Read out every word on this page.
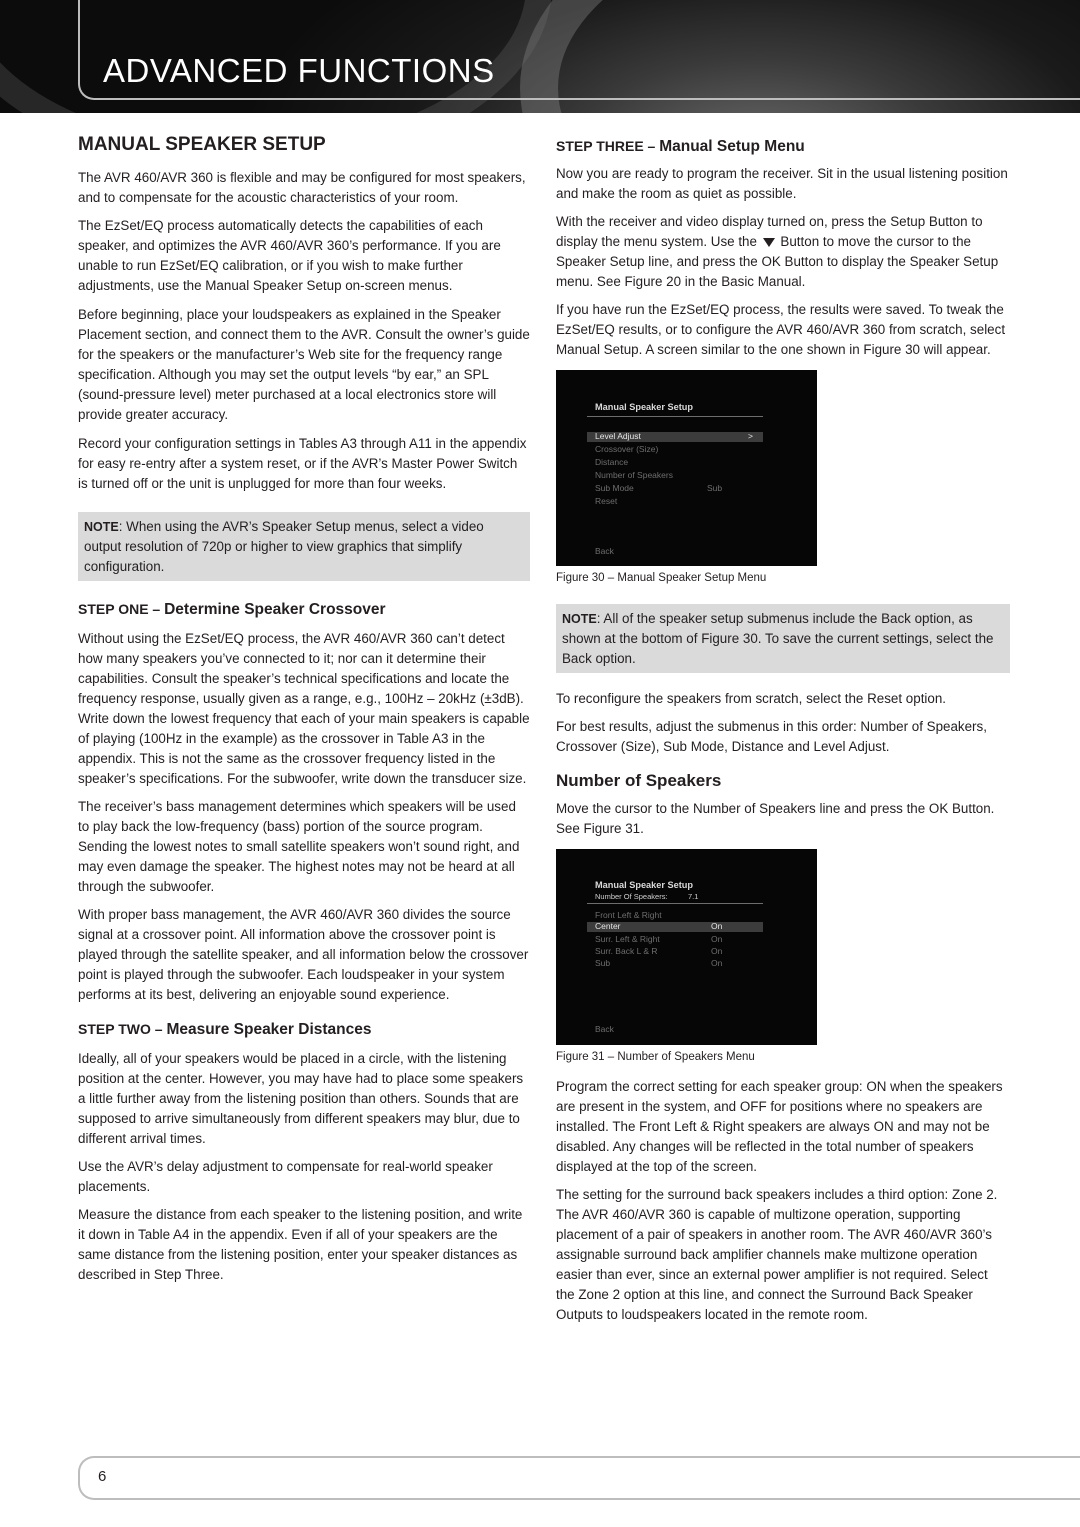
ADVANCED FUNCTIONS
MANUAL SPEAKER SETUP

The AVR 460/AVR 360 is flexible and may be configured for most speakers, and to compensate for the acoustic characteristics of your room.

The EzSet/EQ process automatically detects the capabilities of each speaker, and optimizes the AVR 460/AVR 360’s performance. If you are unable to run EzSet/EQ calibration, or if you wish to make further adjustments, use the Manual Speaker Setup on-screen menus.

Before beginning, place your loudspeakers as explained in the Speaker Placement section, and connect them to the AVR. Consult the owner’s guide for the speakers or the manufacturer’s Web site for the frequency range specification. Although you may set the output levels “by ear,” an SPL (sound-pressure level) meter purchased at a local electronics store will provide greater accuracy.

Record your configuration settings in Tables A3 through A11 in the appendix for easy re-entry after a system reset, or if the AVR’s Master Power Switch is turned off or the unit is unplugged for more than four weeks.

NOTE: When using the AVR’s Speaker Setup menus, select a video output resolution of 720p or higher to view graphics that simplify configuration.
STEP ONE – Determine Speaker Crossover

Without using the EzSet/EQ process, the AVR 460/AVR 360 can’t detect how many speakers you’ve connected to it; nor can it determine their capabilities. Consult the speaker’s technical specifications and locate the frequency response, usually given as a range, e.g., 100Hz – 20kHz (±3dB). Write down the lowest frequency that each of your main speakers is capable of playing (100Hz in the example) as the crossover in Table A3 in the appendix. This is not the same as the crossover frequency listed in the speaker’s specifications. For the subwoofer, write down the transducer size.

The receiver’s bass management determines which speakers will be used to play back the low-frequency (bass) portion of the source program. Sending the lowest notes to small satellite speakers won’t sound right, and may even damage the speaker. The highest notes may not be heard at all through the subwoofer.

With proper bass management, the AVR 460/AVR 360 divides the source signal at a crossover point. All information above the crossover point is played through the satellite speaker, and all information below the crossover point is played through the subwoofer. Each loudspeaker in your system performs at its best, delivering an enjoyable sound experience.

STEP TWO – Measure Speaker Distances

Ideally, all of your speakers would be placed in a circle, with the listening position at the center. However, you may have had to place some speakers a little further away from the listening position than others. Sounds that are supposed to arrive simultaneously from different speakers may blur, due to different arrival times.

Use the AVR’s delay adjustment to compensate for real-world speaker placements.

Measure the distance from each speaker to the listening position, and write it down in Table A4 in the appendix. Even if all of your speakers are the same distance from the listening position, enter your speaker distances as described in Step Three.

STEP THREE – Manual Setup Menu

Now you are ready to program the receiver. Sit in the usual listening position and make the room as quiet as possible.

With the receiver and video display turned on, press the Setup Button to display the menu system. Use the Button to move the cursor to the Speaker Setup line, and press the OK Button to display the Speaker Setup menu. See Figure 20 in the Basic Manual.

If you have run the EzSet/EQ process, the results were saved. To tweak the EzSet/EQ results, or to configure the AVR 460/AVR 360 from scratch, select Manual Setup. A screen similar to the one shown in Figure 30 will appear.

Manual Speaker Setup
Level Adjust	>
Crossover (Size)
Distance
Number of Speakers
Sub Mode	Sub
Reset
Back
Figure 30 – Manual Speaker Setup Menu
NOTE: All of the speaker setup submenus include the Back option, as shown at the bottom of Figure 30. To save the current settings, select the Back option.

To reconfigure the speakers from scratch, select the Reset option.

For best results, adjust the submenus in this order: Number of Speakers, Crossover (Size), Sub Mode, Distance and Level Adjust.

Number of Speakers

Move the cursor to the Number of Speakers line and press the OK Button. See Figure 31.

Manual Speaker Setup
Number Of Speakers:	7.1
Front Left & Right
Center	On
Surr. Left & Right	On
Surr. Back L & R	On
Sub	On
Back
Figure 31 – Number of Speakers Menu

Program the correct setting for each speaker group: ON when the speakers are present in the system, and OFF for positions where no speakers are installed. The Front Left & Right speakers are always ON and may not be disabled. Any changes will be reflected in the total number of speakers displayed at the top of the screen.

The setting for the surround back speakers includes a third option: Zone 2. The AVR 460/AVR 360 is capable of multizone operation, supporting placement of a pair of speakers in another room. The AVR 460/AVR 360’s assignable surround back amplifier channels make multizone operation easier than ever, since an external power amplifier is not required. Select the Zone 2 option at this line, and connect the Surround Back Speaker Outputs to loudspeakers located in the remote room.

6
